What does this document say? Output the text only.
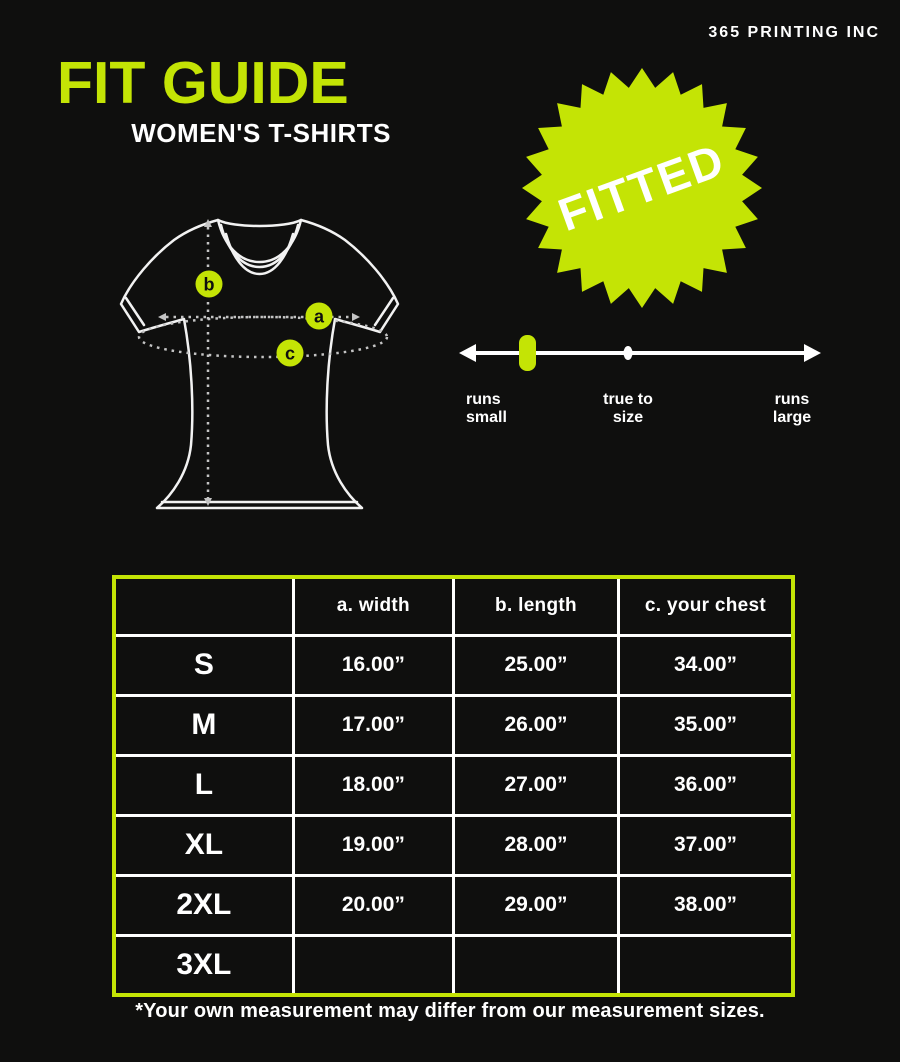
365 PRINTING INC
FIT GUIDE
WOMEN'S T-SHIRTS
FITTED
b
a
c
runs
small
true to
size
runs
large
	a. width	b. length	c. your chest
S	16.00”	25.00”	34.00”
M	17.00”	26.00”	35.00”
L	18.00”	27.00”	36.00”
XL	19.00”	28.00”	37.00”
2XL	20.00”	29.00”	38.00”
3XL			
*Your own measurement may differ from our measurement sizes.
